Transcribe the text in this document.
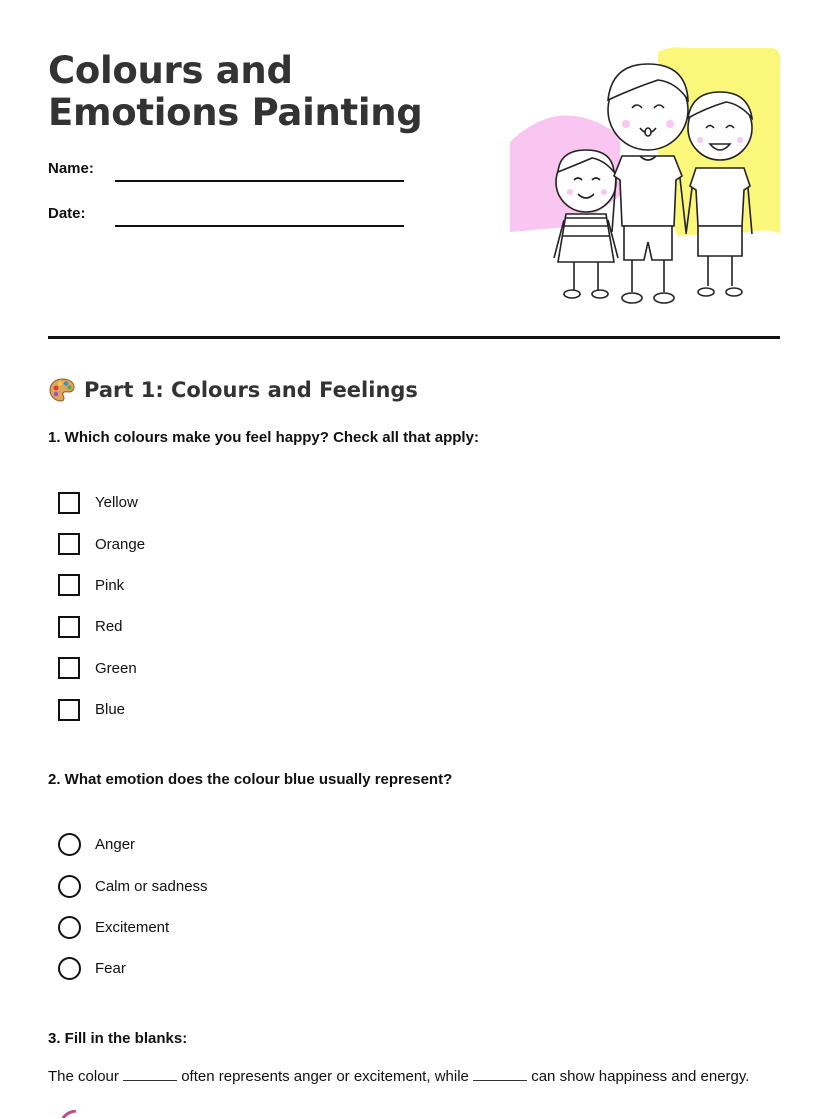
Colours and Emotions Painting
Name:
Date:
Part 1: Colours and Feelings
1. Which colours make you feel happy? Check all that apply:
Yellow
Orange
Pink
Red
Green
Blue
2. What emotion does the colour blue usually represent?
Anger
Calm or sadness
Excitement
Fear
3. Fill in the blanks:
The colour	often represents anger or excitement, while	can show happiness and energy.
